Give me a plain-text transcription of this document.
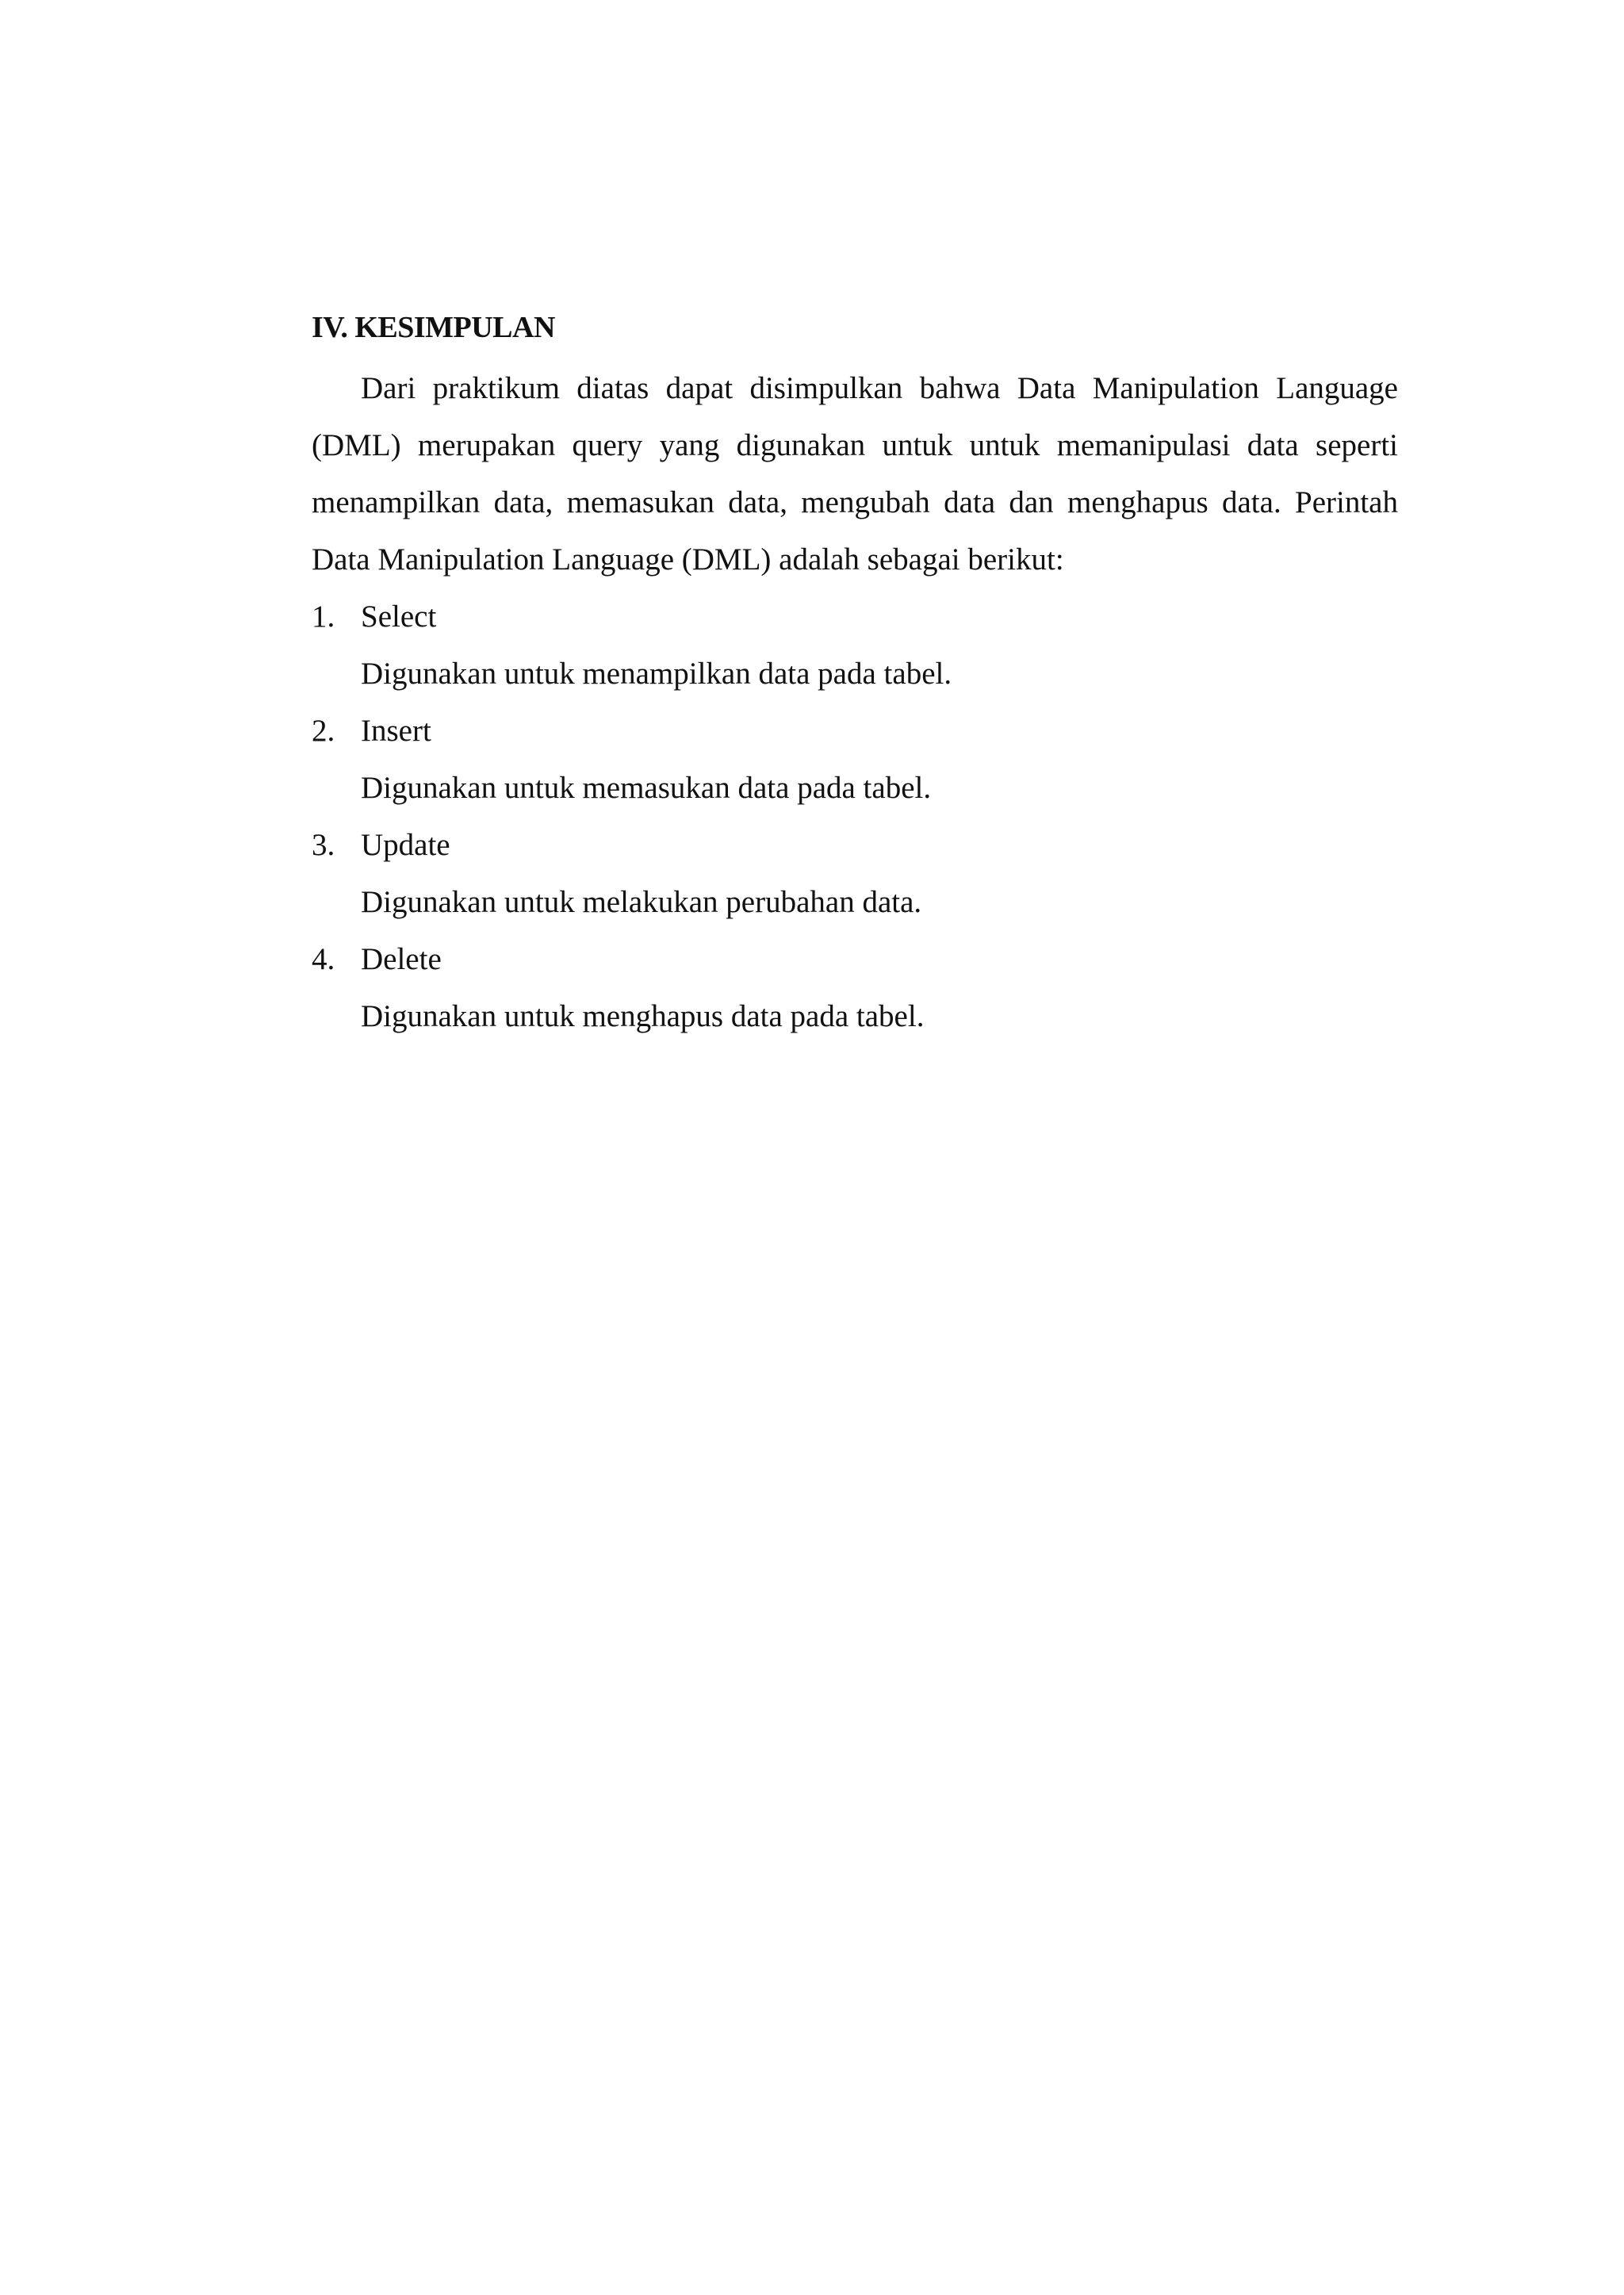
IV. KESIMPULAN

Dari praktikum diatas dapat disimpulkan bahwa Data Manipulation Language (DML) merupakan query yang digunakan untuk untuk memanipulasi data seperti menampilkan data, memasukan data, mengubah data dan menghapus data. Perintah Data Manipulation Language (DML) adalah sebagai berikut:

1. Select
Digunakan untuk menampilkan data pada tabel.
2. Insert
Digunakan untuk memasukan data pada tabel.
3. Update
Digunakan untuk melakukan perubahan data.
4. Delete
Digunakan untuk menghapus data pada tabel.
